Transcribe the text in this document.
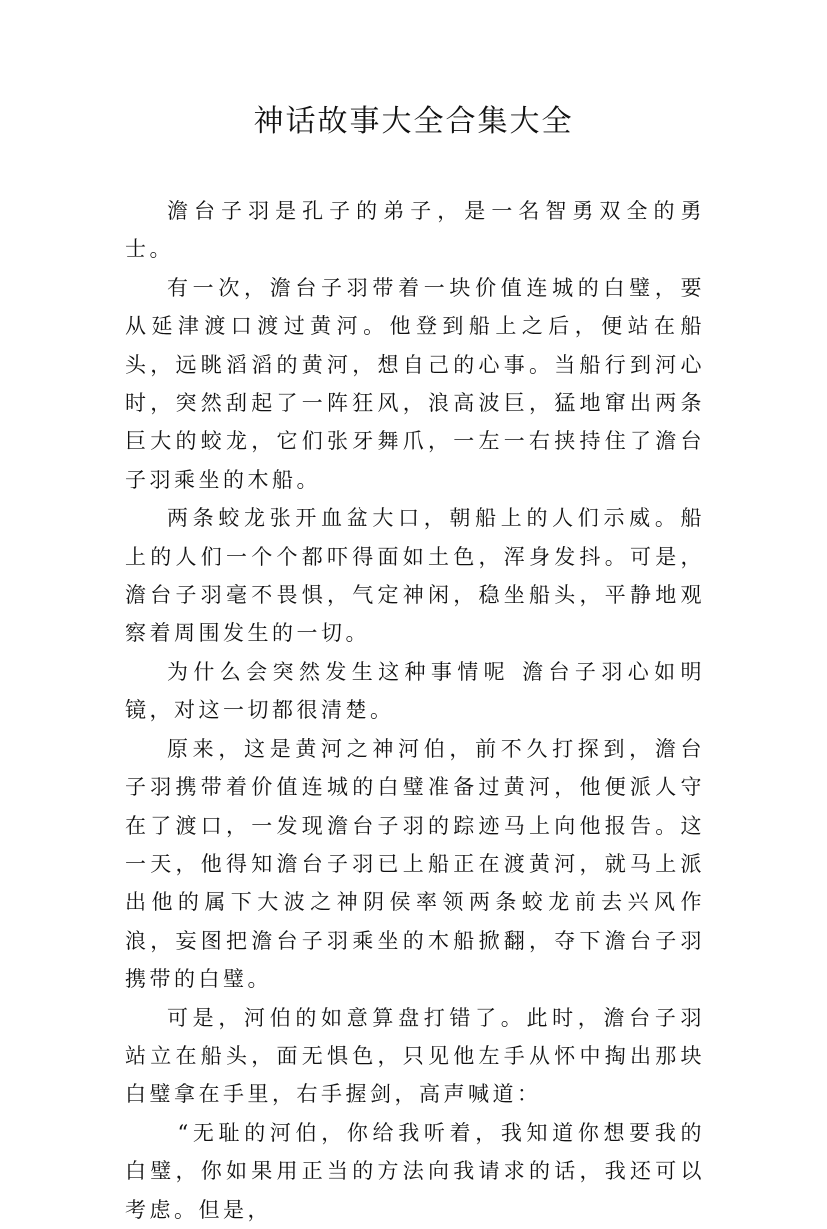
神话故事大全合集大全

澹台子羽是孔子的弟子，是一名智勇双全的勇士。

有一次，澹台子羽带着一块价值连城的白璧，要从延津渡口渡过黄河。他登到船上之后，便站在船头，远眺滔滔的黄河，想自己的心事。当船行到河心时，突然刮起了一阵狂风，浪高波巨，猛地窜出两条巨大的蛟龙，它们张牙舞爪，一左一右挟持住了澹台子羽乘坐的木船。

两条蛟龙张开血盆大口，朝船上的人们示威。船上的人们一个个都吓得面如土色，浑身发抖。可是，澹台子羽毫不畏惧，气定神闲，稳坐船头，平静地观察着周围发生的一切。

为什么会突然发生这种事情呢 澹台子羽心如明镜，对这一切都很清楚。

原来，这是黄河之神河伯，前不久打探到，澹台子羽携带着价值连城的白璧准备过黄河，他便派人守在了渡口，一发现澹台子羽的踪迹马上向他报告。这一天，他得知澹台子羽已上船正在渡黄河，就马上派出他的属下大波之神阴侯率领两条蛟龙前去兴风作浪，妄图把澹台子羽乘坐的木船掀翻，夺下澹台子羽携带的白璧。

可是，河伯的如意算盘打错了。此时，澹台子羽站立在船头，面无惧色，只见他左手从怀中掏出那块白璧拿在手里，右手握剑，高声喊道：

“无耻的河伯，你给我听着，我知道你想要我的白璧，你如果用正当的方法向我请求的话，我还可以考虑。但是，
